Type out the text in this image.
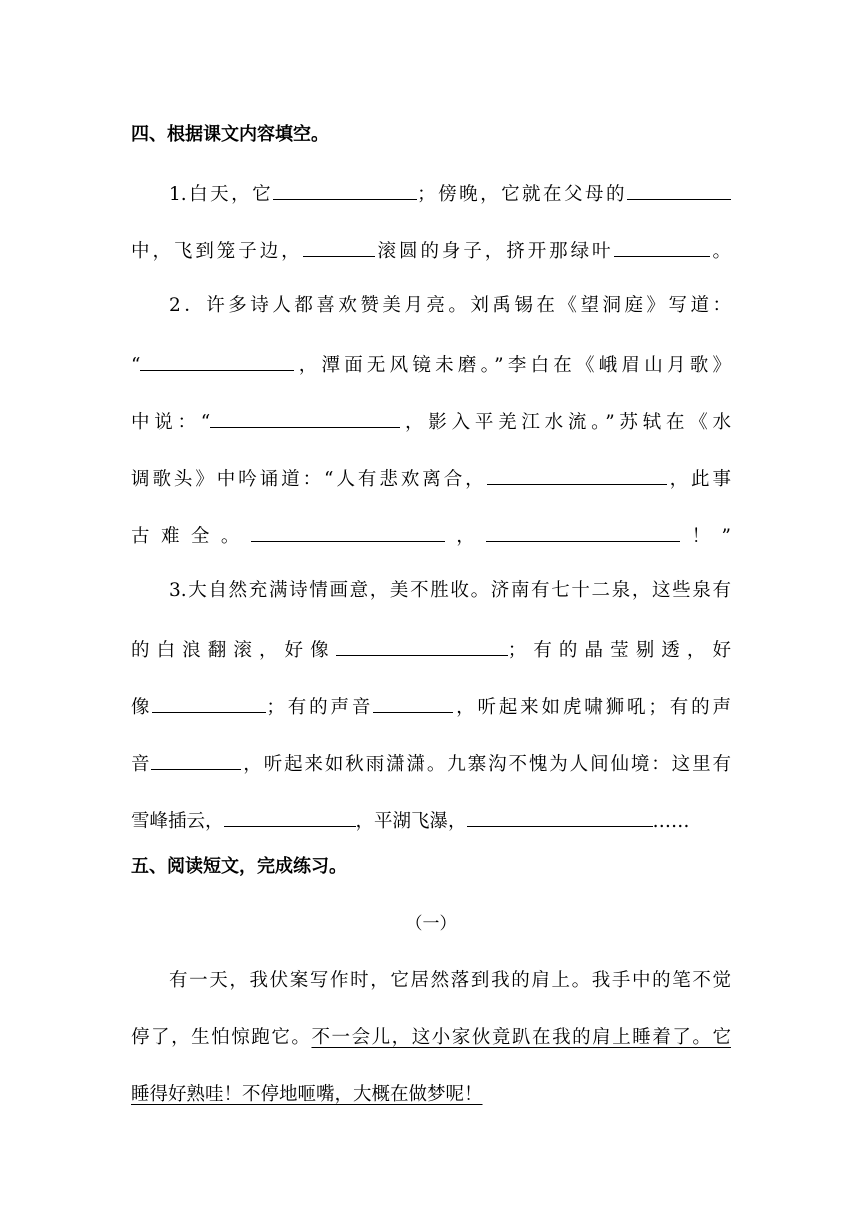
四、根据课文内容填空。
1.白天，它	；傍晚，它就在父母的
中，飞到笼子边，	滚圆的身子，挤开那绿叶	。
2．许多诗人都喜欢赞美月亮。刘禹锡在《望洞庭》写道：
“	，潭面无风镜未磨。”李白在《峨眉山月歌》
中说：“	，影入平羌江水流。”苏轼在《水
调歌头》中吟诵道：“人有悲欢离合，	，此事
古难全。	，	！”
3.大自然充满诗情画意，美不胜收。济南有七十二泉，这些泉有
的白浪翻滚，好像	；有的晶莹剔透，好
像	；有的声音	，听起来如虎啸狮吼；有的声
音	，听起来如秋雨潇潇。九寨沟不愧为人间仙境：这里有
雪峰插云，	，平湖飞瀑，	……
五、阅读短文，完成练习。
（一）
有一天，我伏案写作时，它居然落到我的肩上。我手中的笔不觉
停了，生怕惊跑它。不一会儿，这小家伙竟趴在我的肩上睡着了。它
睡得好熟哇！不停地咂嘴，大概在做梦呢！
